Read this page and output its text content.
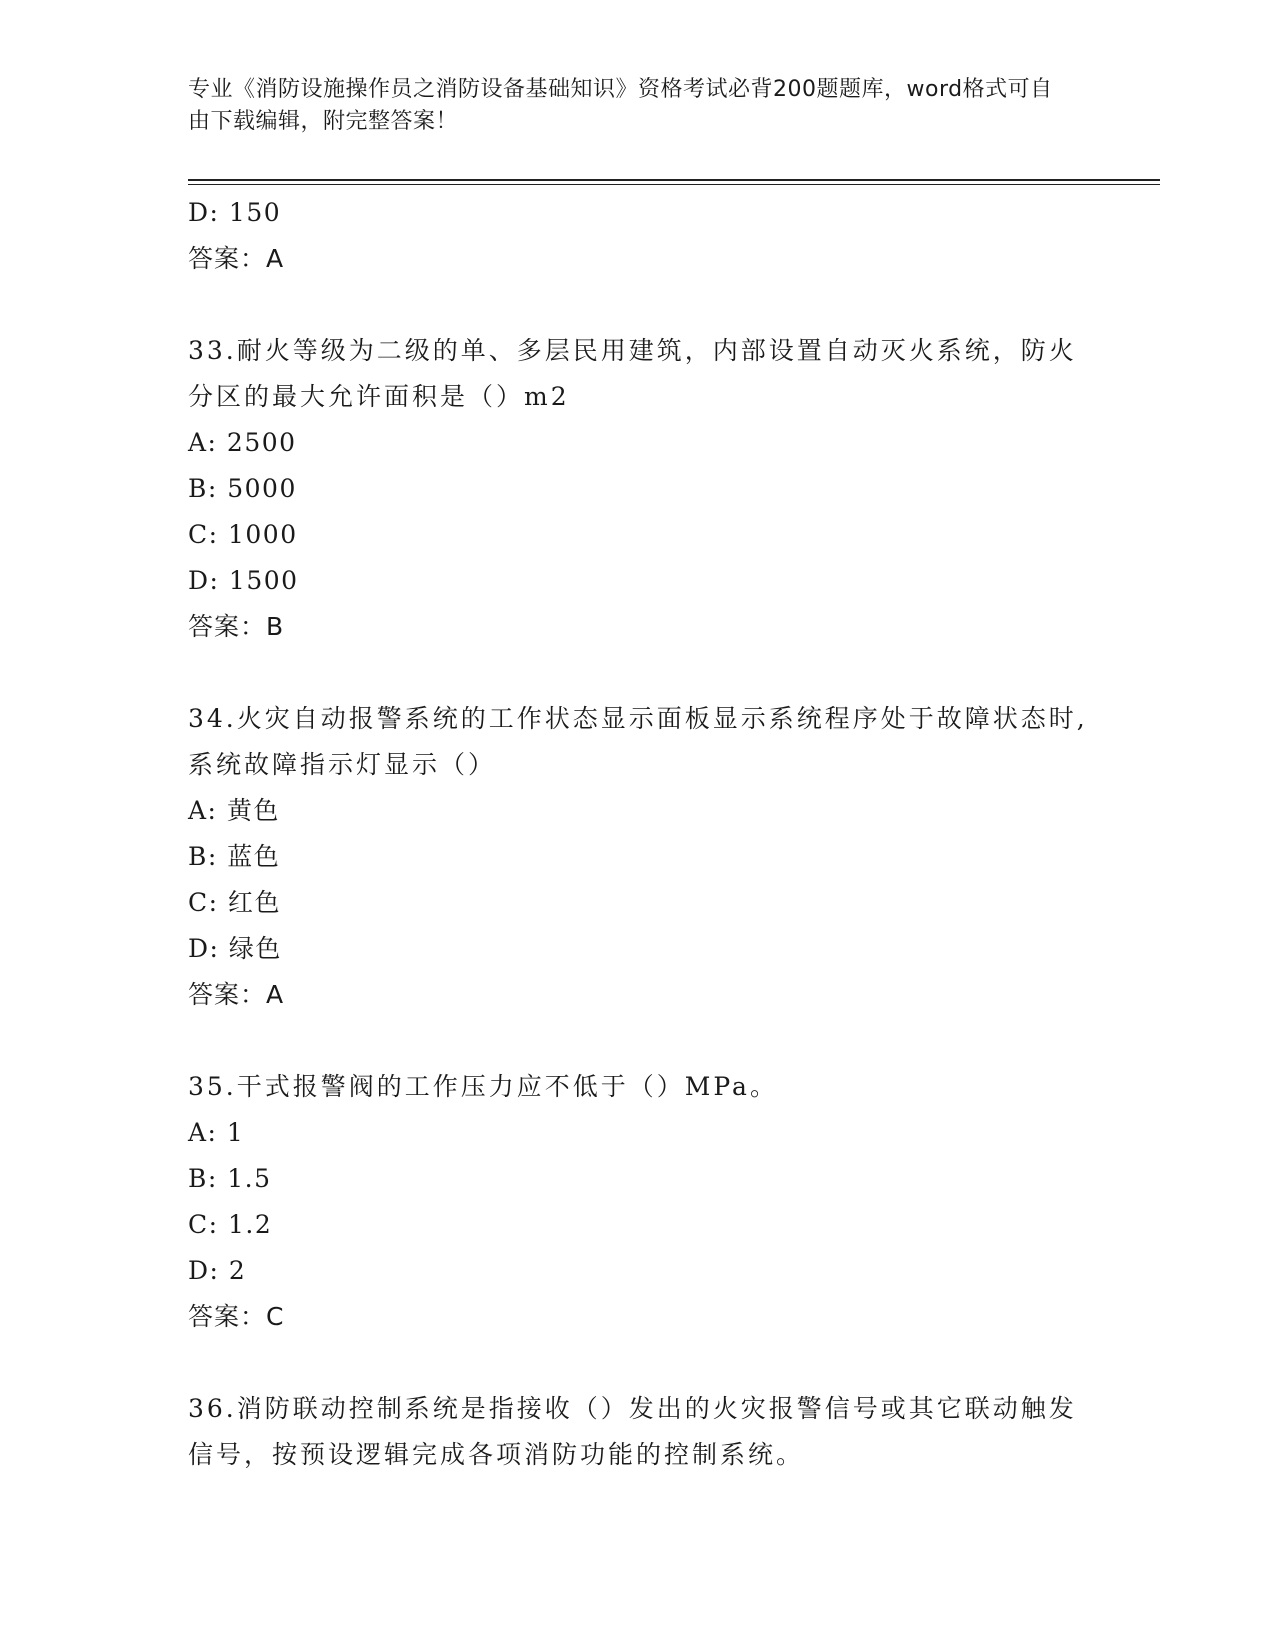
专业《消防设施操作员之消防设备基础知识》资格考试必背200题题库，word格式可自由下载编辑，附完整答案！
D: 150
答案：A
33.耐火等级为二级的单、多层民用建筑，内部设置自动灭火系统，防火分区的最大允许面积是（）m2
A: 2500
B: 5000
C: 1000
D: 1500
答案：B
34.火灾自动报警系统的工作状态显示面板显示系统程序处于故障状态时,系统故障指示灯显示（）
A: 黄色
B: 蓝色
C: 红色
D: 绿色
答案：A
35.干式报警阀的工作压力应不低于（）MPa。
A: 1
B: 1.5
C: 1.2
D: 2
答案：C
36.消防联动控制系统是指接收（）发出的火灾报警信号或其它联动触发信号，按预设逻辑完成各项消防功能的控制系统。
